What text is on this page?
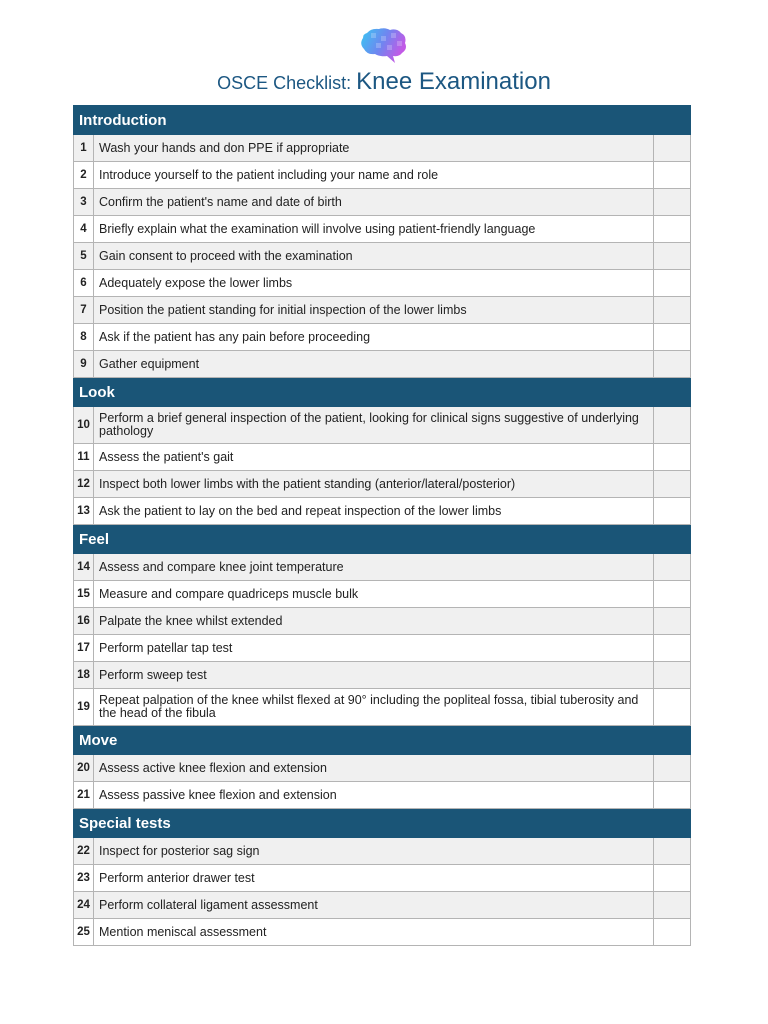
OSCE Checklist: Knee Examination
Introduction		
1	Wash your hands and don PPE if appropriate	
2	Introduce yourself to the patient including your name and role	
3	Confirm the patient's name and date of birth	
4	Briefly explain what the examination will involve using patient-friendly language	
5	Gain consent to proceed with the examination	
6	Adequately expose the lower limbs	
7	Position the patient standing for initial inspection of the lower limbs	
8	Ask if the patient has any pain before proceeding	
9	Gather equipment	
Look		
10	Perform a brief general inspection of the patient, looking for clinical signs suggestive of underlying pathology	
11	Assess the patient's gait	
12	Inspect both lower limbs with the patient standing (anterior/lateral/posterior)	
13	Ask the patient to lay on the bed and repeat inspection of the lower limbs	
Feel		
14	Assess and compare knee joint temperature	
15	Measure and compare quadriceps muscle bulk	
16	Palpate the knee whilst extended	
17	Perform patellar tap test	
18	Perform sweep test	
19	Repeat palpation of the knee whilst flexed at 90° including the popliteal fossa, tibial tuberosity and the head of the fibula	
Move		
20	Assess active knee flexion and extension	
21	Assess passive knee flexion and extension	
Special tests		
22	Inspect for posterior sag sign	
23	Perform anterior drawer test	
24	Perform collateral ligament assessment	
25	Mention meniscal assessment	
